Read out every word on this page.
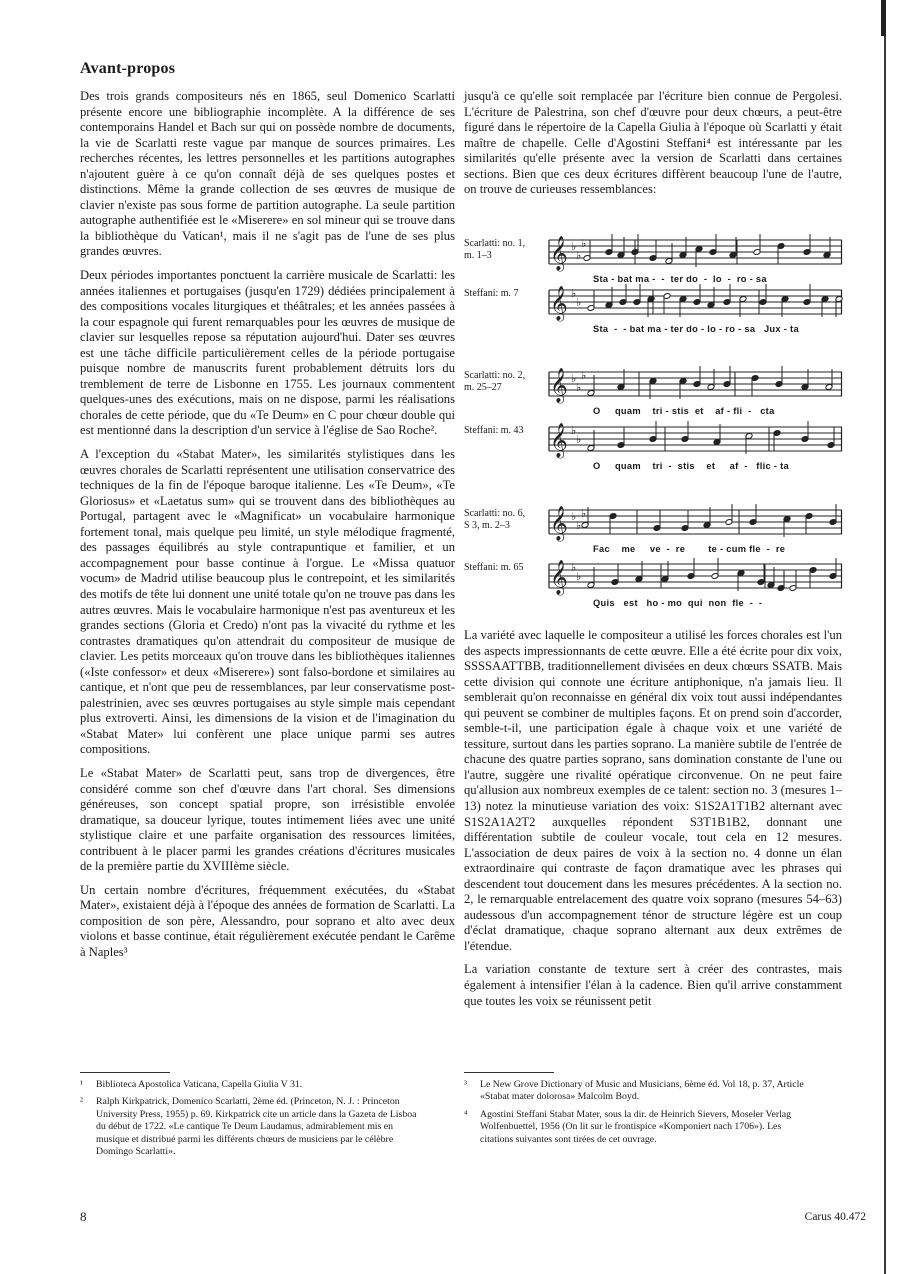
Avant-propos

Des trois grands compositeurs nés en 1865, seul Domenico Scarlatti présente encore une bibliographie incomplète. A la différence de ses contemporains Handel et Bach sur qui on possède nombre de documents, la vie de Scarlatti reste vague par manque de sources primaires. Les recherches récentes, les lettres personnelles et les partitions autographes n'ajoutent guère à ce qu'on connaît déjà de ses quelques postes et distinctions. Même la grande collection de ses œuvres de musique de clavier n'existe pas sous forme de partition autographe. La seule partition autographe authentifiée est le «Miserere» en sol mineur qui se trouve dans la bibliothèque du Vatican¹, mais il ne s'agit pas de l'une de ses plus grandes œuvres.

Deux périodes importantes ponctuent la carrière musicale de Scarlatti: les années italiennes et portugaises (jusqu'en 1729) dédiées principalement à des compositions vocales liturgiques et théâtrales; et les années passées à la cour espagnole qui furent remarquables pour les œuvres de musique de clavier sur lesquelles repose sa réputation aujourd'hui. Dater ses œuvres est une tâche difficile particulièrement celles de la période portugaise puisque nombre de manuscrits furent probablement détruits lors du tremblement de terre de Lisbonne en 1755. Les journaux commentent quelques-unes des exécutions, mais on ne dispose, parmi les réalisations chorales de cette période, que du «Te Deum» en C pour chœur double qui est mentionné dans la description d'un service à l'église de Sao Roche².

A l'exception du «Stabat Mater», les similarités stylistiques dans les œuvres chorales de Scarlatti représentent une utilisation conservatrice des techniques de la fin de l'époque baroque italienne. Les «Te Deum», «Te Gloriosus» et «Laetatus sum» qui se trouvent dans des bibliothèques au Portugal, partagent avec le «Magnificat» un vocabulaire harmonique fortement tonal, mais quelque peu limité, un style mélodique fragmenté, des passages équilibrés au style contrapuntique et familier, et un accompagnement pour basse continue à l'orgue. Le «Missa quatuor vocum» de Madrid utilise beaucoup plus le contrepoint, et les similarités des motifs de tête lui donnent une unité totale qu'on ne trouve pas dans les autres œuvres. Mais le vocabulaire harmonique n'est pas aventureux et les grandes sections (Gloria et Credo) n'ont pas la vivacité du rythme et les contrastes dramatiques qu'on attendrait du compositeur de musique de clavier. Les petits morceaux qu'on trouve dans les bibliothèques italiennes («Iste confessor» et deux «Miserere») sont falso-bordone et similaires au cantique, et n'ont que peu de ressemblances, par leur conservatisme post-palestrinien, avec ses œuvres portugaises au style simple mais cependant plus extroverti. Ainsi, les dimensions de la vision et de l'imagination du «Stabat Mater» lui confèrent une place unique parmi ses autres compositions.

Le «Stabat Mater» de Scarlatti peut, sans trop de divergences, être considéré comme son chef d'œuvre dans l'art choral. Ses dimensions généreuses, son concept spatial propre, son irrésistible envolée dramatique, sa douceur lyrique, toutes intimement liées avec une unité stylistique claire et une parfaite organisation des ressources limitées, contribuent à le placer parmi les grandes créations d'écritures musicales de la première partie du XVIIIème siècle.

Un certain nombre d'écritures, fréquemment exécutées, du «Stabat Mater», existaient déjà à l'époque des années de formation de Scarlatti. La composition de son père, Alessandro, pour soprano et alto avec deux violons et basse continue, était régulièrement exécutée pendant le Carême à Naples³

jusqu'à ce qu'elle soit remplacée par l'écriture bien connue de Pergolesi. L'écriture de Palestrina, son chef d'œuvre pour deux chœurs, a peut-être figuré dans le répertoire de la Capella Giulia à l'époque où Scarlatti y était maître de chapelle. Celle d'Agostini Steffani⁴ est intéressante par les similarités qu'elle présente avec la version de Scarlatti dans certaines sections. Bien que ces deux écritures diffèrent beaucoup l'une de l'autre, on trouve de curieuses ressemblances:

Scarlatti: no. 1,
m. 1–3	𝄞 ♭
♭
♭
Sta - bat ma -  -  ter do  -  lo  -  ro - sa
Steffani: m. 7 𝄞 ♭
♭
Sta  -  - bat ma - ter do - lo - ro - sa   Jux - ta
Scarlatti: no. 2,
m. 25–27	𝄞 ♭
♭
♭
O     quam    tri - stis  et    af - fli  -   cta
Steffani: m. 43 𝄞 ♭
♭
O     quam    tri  -  stis    et     af  -   flic - ta
Scarlatti: no. 6,
S 3, m. 2–3	𝄞 ♭
♭
♭
Fac    me     ve  -  re        te - cum fle  -  re
Steffani: m. 65 𝄞 ♭
♭
Quis   est   ho - mo  qui  non  fle  -  -

La variété avec laquelle le compositeur a utilisé les forces chorales est l'un des aspects impressionnants de cette œuvre. Elle a été écrite pour dix voix, SSSSAATTBB, traditionnellement divisées en deux chœurs SSATB. Mais cette division qui connote une écriture antiphonique, n'a jamais lieu. Il semblerait qu'on reconnaisse en général dix voix tout aussi indépendantes qui peuvent se combiner de multiples façons. Et on prend soin d'accorder, semble-t-il, une participation égale à chaque voix et une variété de tessiture, surtout dans les parties soprano. La manière subtile de l'entrée de chacune des quatre parties soprano, sans domination constante de l'une ou l'autre, suggère une rivalité opératique circonvenue. On ne peut faire qu'allusion aux nombreux exemples de ce talent: section no. 3 (mesures 1–13) notez la minutieuse variation des voix: S1S2A1T1B2 alternant avec S1S2A1A2T2 auxquelles répondent S3T1B1B2, donnant une différentation subtile de couleur vocale, tout cela en 12 mesures. L'association de deux paires de voix à la section no. 4 donne un élan extraordinaire qui contraste de façon dramatique avec les phrases qui descendent tout doucement dans les mesures précédentes. A la section no. 2, le remarquable entrelacement des quatre voix soprano (mesures 54–63) audessous d'un accompagnement ténor de structure légère est un coup d'éclat dramatique, chaque soprano alternant aux deux extrêmes de l'étendue.

La variation constante de texture sert à créer des contrastes, mais également à intensifier l'élan à la cadence. Bien qu'il arrive constamment que toutes les voix se réunissent petit

¹	Biblioteca Apostolica Vaticana, Capella Giulia V 31.
²	Ralph Kirkpatrick, Domenico Scarlatti, 2ème éd. (Princeton, N. J. : Princeton University Press, 1955) p. 69. Kirkpatrick cite un article dans la Gazeta de Lisboa du début de 1722. «Le cantique Te Deum Laudamus, admirablement mis en musique et distribué parmi les différents chœurs de musiciens par le célèbre Domingo Scarlatti».
³	Le New Grove Dictionary of Music and Musicians, 6ème éd. Vol 18, p. 37, Article «Stabat mater dolorosa» Malcolm Boyd.
⁴	Agostini Steffani Stabat Mater, sous la dir. de Heinrich Sievers, Moseler Verlag Wolfenbuettel, 1956 (On lit sur le frontispice «Komponiert nach 1706»). Les citations suivantes sont tirées de cet ouvrage.
8	Carus 40.472
